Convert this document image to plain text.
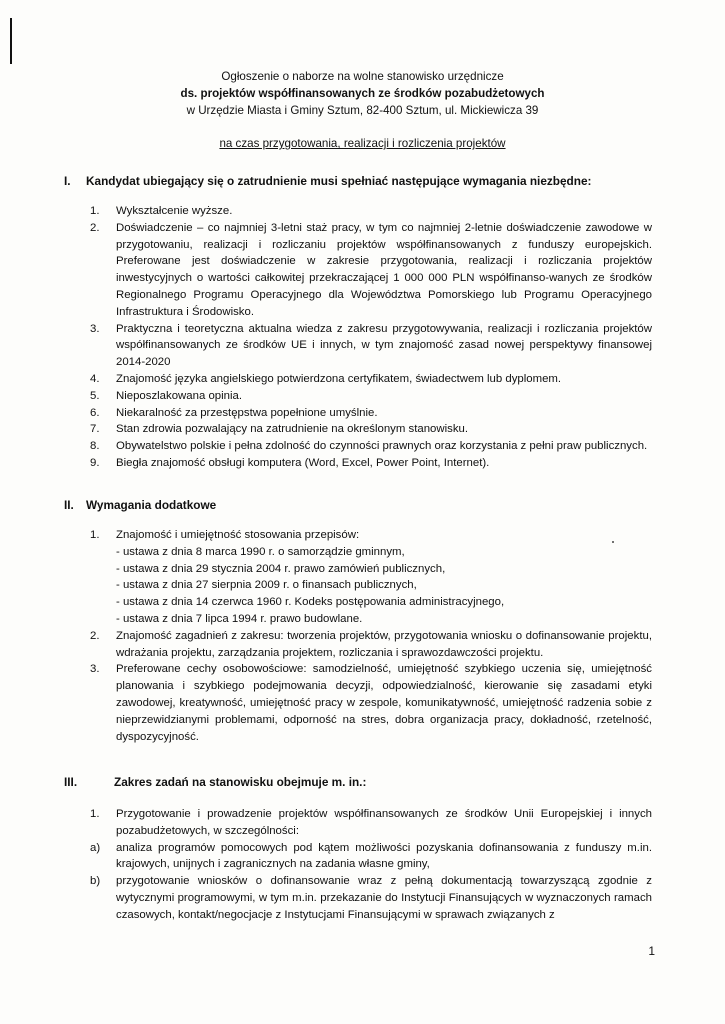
Ogłoszenie o naborze na wolne stanowisko urzędnicze
ds. projektów współfinansowanych ze środków pozabudżetowych
w Urzędzie Miasta i Gminy Sztum, 82-400 Sztum, ul. Mickiewicza 39
na czas przygotowania, realizacji i rozliczenia projektów
I. Kandydat ubiegający się o zatrudnienie musi spełniać następujące wymagania niezbędne:
1. Wykształcenie wyższe.
2. Doświadczenie – co najmniej 3-letni staż pracy, w tym co najmniej 2-letnie doświadczenie zawodowe w przygotowaniu, realizacji i rozliczaniu projektów współfinansowanych z funduszy europejskich. Preferowane jest doświadczenie w zakresie przygotowania, realizacji i rozliczania projektów inwestycyjnych o wartości całkowitej przekraczającej 1 000 000 PLN współfinanso-wanych ze środków Regionalnego Programu Operacyjnego dla Województwa Pomorskiego lub Programu Operacyjnego Infrastruktura i Środowisko.
3. Praktyczna i teoretyczna aktualna wiedza z zakresu przygotowywania, realizacji i rozliczania projektów współfinansowanych ze środków UE i innych, w tym znajomość zasad nowej perspektywy finansowej 2014-2020
4. Znajomość języka angielskiego potwierdzona certyfikatem, świadectwem lub dyplomem.
5. Nieposzlakowana opinia.
6. Niekaralność za przestępstwa popełnione umyślnie.
7. Stan zdrowia pozwalający na zatrudnienie na określonym stanowisku.
8. Obywatelstwo polskie i pełna zdolność do czynności prawnych oraz korzystania z pełni praw publicznych.
9. Biegła znajomość obsługi komputera (Word, Excel, Power Point, Internet).
II. Wymagania dodatkowe
1. Znajomość i umiejętność stosowania przepisów:
- ustawa z dnia 8 marca 1990 r. o samorządzie gminnym,
- ustawa z dnia 29 stycznia 2004 r. prawo zamówień publicznych,
- ustawa z dnia 27 sierpnia 2009 r. o finansach publicznych,
- ustawa z dnia 14 czerwca 1960 r. Kodeks postępowania administracyjnego,
- ustawa z dnia 7 lipca 1994 r. prawo budowlane.
2. Znajomość zagadnień z zakresu: tworzenia projektów, przygotowania wniosku o dofinansowanie projektu, wdrażania projektu, zarządzania projektem, rozliczania i sprawozdawczości projektu.
3. Preferowane cechy osobowościowe: samodzielność, umiejętność szybkiego uczenia się, umiejętność planowania i szybkiego podejmowania decyzji, odpowiedzialność, kierowanie się zasadami etyki zawodowej, kreatywność, umiejętność pracy w zespole, komunikatywność, umiejętność radzenia sobie z nieprzewidzianymi problemami, odporność na stres, dobra organizacja pracy, dokładność, rzetelność, dyspozycyjność.
III.	Zakres zadań na stanowisku obejmuje m. in.:
1. Przygotowanie i prowadzenie projektów współfinansowanych ze środków Unii Europejskiej i innych pozabudżetowych, w szczególności:
a) analiza programów pomocowych pod kątem możliwości pozyskania dofinansowania z funduszy m.in. krajowych, unijnych i zagranicznych na zadania własne gminy,
b) przygotowanie wniosków o dofinansowanie wraz z pełną dokumentacją towarzyszącą zgodnie z wytycznymi programowymi, w tym m.in. przekazanie do Instytucji Finansujących w wyznaczonych ramach czasowych, kontakt/negocjacje z Instytucjami Finansującymi w sprawach związanych z
1
